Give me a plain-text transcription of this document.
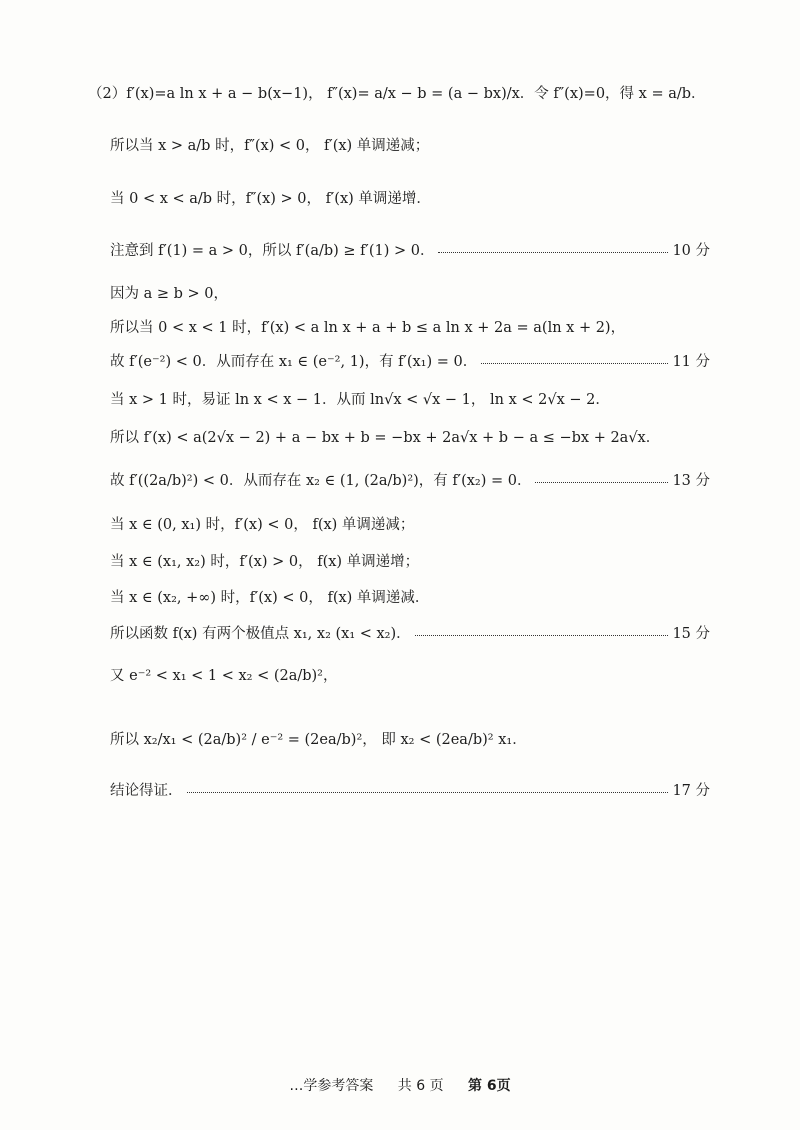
（2）f′(x)=a ln x + a − b(x−1)， f″(x)= a/x − b = (a − bx)/x．令 f″(x)=0，得 x = a/b．
所以当 x > a/b 时，f″(x) < 0， f′(x) 单调递减；
当 0 < x < a/b 时，f″(x) > 0， f′(x) 单调递增．
注意到 f′(1) = a > 0，所以 f′(a/b) ≥ f′(1) > 0．	10 分
因为 a ≥ b > 0，
所以当 0 < x < 1 时，f′(x) < a ln x + a + b ≤ a ln x + 2a = a(ln x + 2)，
故 f′(e⁻²) < 0．从而存在 x₁ ∈ (e⁻², 1)，有 f′(x₁) = 0．	11 分
当 x > 1 时，易证 ln x < x − 1．从而 ln√x < √x − 1， ln x < 2√x − 2．
所以 f′(x) < a(2√x − 2) + a − bx + b = −bx + 2a√x + b − a ≤ −bx + 2a√x．
故 f′((2a/b)²) < 0．从而存在 x₂ ∈ (1, (2a/b)²)，有 f′(x₂) = 0．	13 分
当 x ∈ (0, x₁) 时，f′(x) < 0， f(x) 单调递减；
当 x ∈ (x₁, x₂) 时，f′(x) > 0， f(x) 单调递增；
当 x ∈ (x₂, +∞) 时，f′(x) < 0， f(x) 单调递减．
所以函数 f(x) 有两个极值点 x₁, x₂ (x₁ < x₂)．	15 分
又 e⁻² < x₁ < 1 < x₂ < (2a/b)²，
所以 x₂/x₁ < (2a/b)² / e⁻² = (2ea/b)²， 即 x₂ < (2ea/b)² x₁．
结论得证．	17 分
…学参考答案 共 6 页 第 6页
